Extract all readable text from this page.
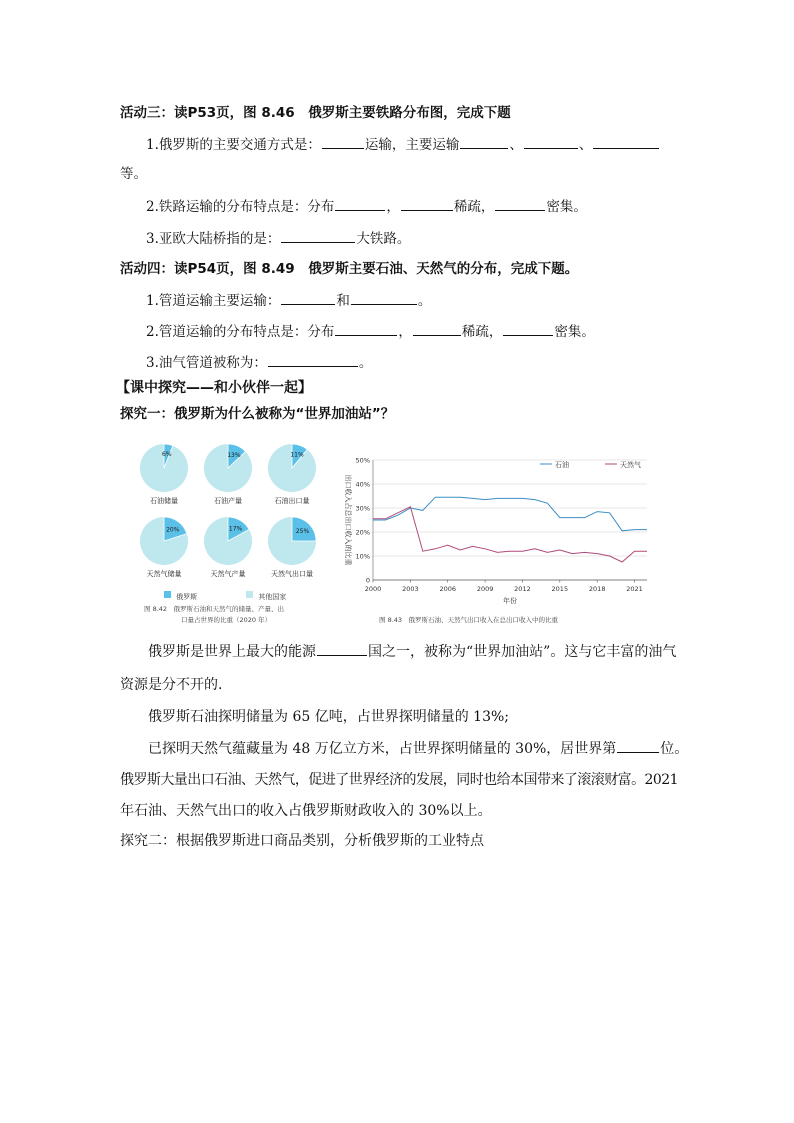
活动三：读P53页，图 8.46　俄罗斯主要铁路分布图，完成下题
1.俄罗斯的主要交通方式是：	运输，主要运输	、	、
等。
2.铁路运输的分布特点是：分布	，	稀疏，	密集。
3.亚欧大陆桥指的是：	大铁路。
活动四：读P54页，图 8.49　俄罗斯主要石油、天然气的分布，完成下题。
1.管道运输主要运输：	和	。
2.管道运输的分布特点是：分布	，	稀疏，	密集。
3.油气管道被称为：	。
【课中探究——和小伙伴一起】
探究一：俄罗斯为什么被称为“世界加油站”？
6%	13%	11%
20%	17%	25%
石油储量	石油产量	石油出口量
天然气储量	天然气产量	天然气出口量
俄罗斯	其他国家
图 8.42　俄罗斯石油和天然气的储量、产量、出
口量占世界的比重（2020 年）
0
10%
20%
30%
40%
50%
2000	2003	2006	2009	2012	2015	2018	2021
年份
出口收入占总出口收入的比重
石油	天然气
图 8.43　俄罗斯石油、天然气出口收入在总出口收入中的比重
俄罗斯是世界上最大的能源	国之一，被称为“世界加油站”。这与它丰富的油气
资源是分不开的.
俄罗斯石油探明储量为 65 亿吨，占世界探明储量的 13%;
已探明天然气蕴藏量为 48 万亿立方米，占世界探明储量的 30%，居世界第	位。
俄罗斯大量出口石油、天然气，促进了世界经济的发展，同时也给本国带来了滚滚财富。2021
年石油、天然气出口的收入占俄罗斯财政收入的 30%以上。
探究二：根据俄罗斯进口商品类别，分析俄罗斯的工业特点
